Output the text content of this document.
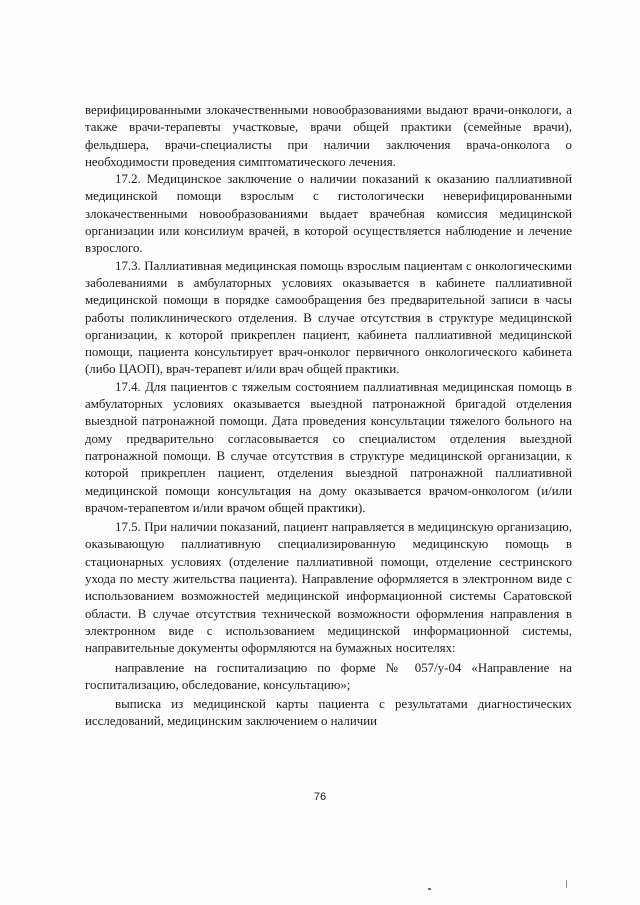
верифицированными злокачественными новообразованиями выдают врачи-онкологи, а также врачи-терапевты участковые, врачи общей практики (семейные врачи), фельдшера, врачи-специалисты при наличии заключения врача-онколога о необходимости проведения симптоматического лечения.

17.2. Медицинское заключение о наличии показаний к оказанию паллиативной медицинской помощи взрослым с гистологически неверифицированными злокачественными новообразованиями выдает врачебная комиссия медицинской организации или консилиум врачей, в которой осуществляется наблюдение и лечение взрослого.

17.3. Паллиативная медицинская помощь взрослым пациентам с онкологическими заболеваниями в амбулаторных условиях оказывается в кабинете паллиативной медицинской помощи в порядке самообращения без предварительной записи в часы работы поликлинического отделения. В случае отсутствия в структуре медицинской организации, к которой прикреплен пациент, кабинета паллиативной медицинской помощи, пациента консультирует врач-онколог первичного онкологического кабинета (либо ЦАОП), врач-терапевт и/или врач общей практики.

17.4. Для пациентов с тяжелым состоянием паллиативная медицинская помощь в амбулаторных условиях оказывается выездной патронажной бригадой отделения выездной патронажной помощи. Дата проведения консультации тяжелого больного на дому предварительно согласовывается со специалистом отделения выездной патронажной помощи. В случае отсутствия в структуре медицинской организации, к которой прикреплен пациент, отделения выездной патронажной паллиативной медицинской помощи консультация на дому оказывается врачом-онкологом (и/или врачом-терапевтом и/или врачом общей практики).

17.5. При наличии показаний, пациент направляется в медицинскую организацию, оказывающую паллиативную специализированную медицинскую помощь в стационарных условиях (отделение паллиативной помощи, отделение сестринского ухода по месту жительства пациента). Направление оформляется в электронном виде с использованием возможностей медицинской информационной системы Саратовской области. В случае отсутствия технической возможности оформления направления в электронном виде с использованием медицинской информационной системы, направительные документы оформляются на бумажных носителях:

направление на госпитализацию по форме № 057/у-04 «Направление на госпитализацию, обследование, консультацию»;

выписка из медицинской карты пациента с результатами диагностических исследований, медицинским заключением о наличии

76
